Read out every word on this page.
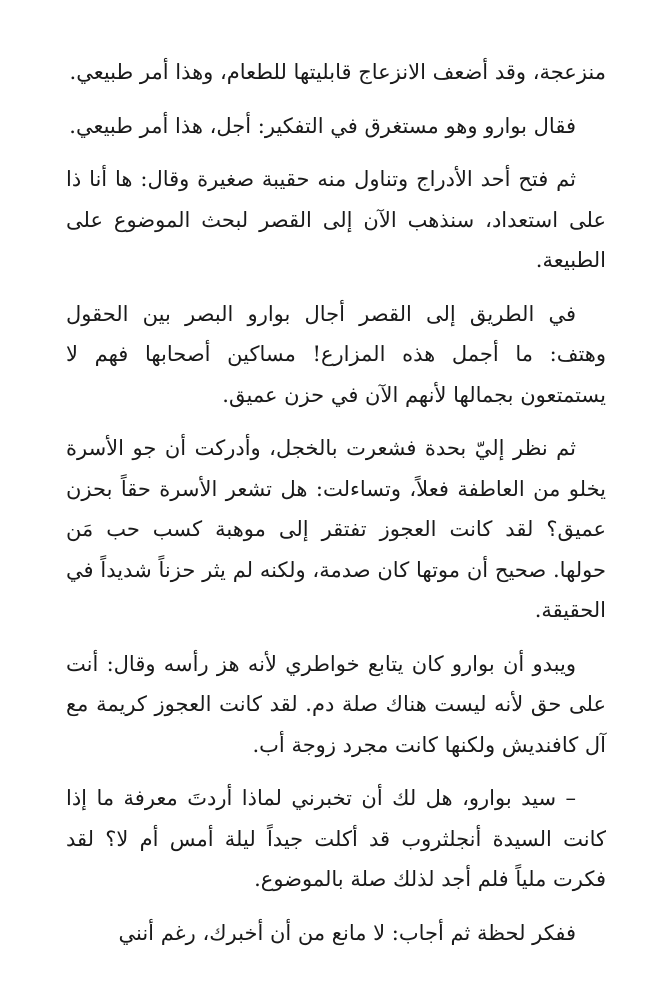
منزعجة، وقد أضعف الانزعاج قابليتها للطعام، وهذا أمر طبيعي.

فقال بوارو وهو مستغرق في التفكير: أجل، هذا أمر طبيعي.

ثم فتح أحد الأدراج وتناول منه حقيبة صغيرة وقال: ها أنا ذا على استعداد، سنذهب الآن إلى القصر لبحث الموضوع على الطبيعة.

في الطريق إلى القصر أجال بوارو البصر بين الحقول وهتف: ما أجمل هذه المزارع! مساكين أصحابها فهم لا يستمتعون بجمالها لأنهم الآن في حزن عميق.

ثم نظر إليّ بحدة فشعرت بالخجل، وأدركت أن جو الأسرة يخلو من العاطفة فعلاً، وتساءلت: هل تشعر الأسرة حقاً بحزن عميق؟ لقد كانت العجوز تفتقر إلى موهبة كسب حب مَن حولها. صحيح أن موتها كان صدمة، ولكنه لم يثر حزناً شديداً في الحقيقة.

ويبدو أن بوارو كان يتابع خواطري لأنه هز رأسه وقال: أنت على حق لأنه ليست هناك صلة دم. لقد كانت العجوز كريمة مع آل كافنديش ولكنها كانت مجرد زوجة أب.

– سيد بوارو، هل لك أن تخبرني لماذا أردتَ معرفة ما إذا كانت السيدة أنجلثروب قد أكلت جيداً ليلة أمس أم لا؟ لقد فكرت ملياً فلم أجد لذلك صلة بالموضوع.

ففكر لحظة ثم أجاب: لا مانع من أن أخبرك، رغم أنني
